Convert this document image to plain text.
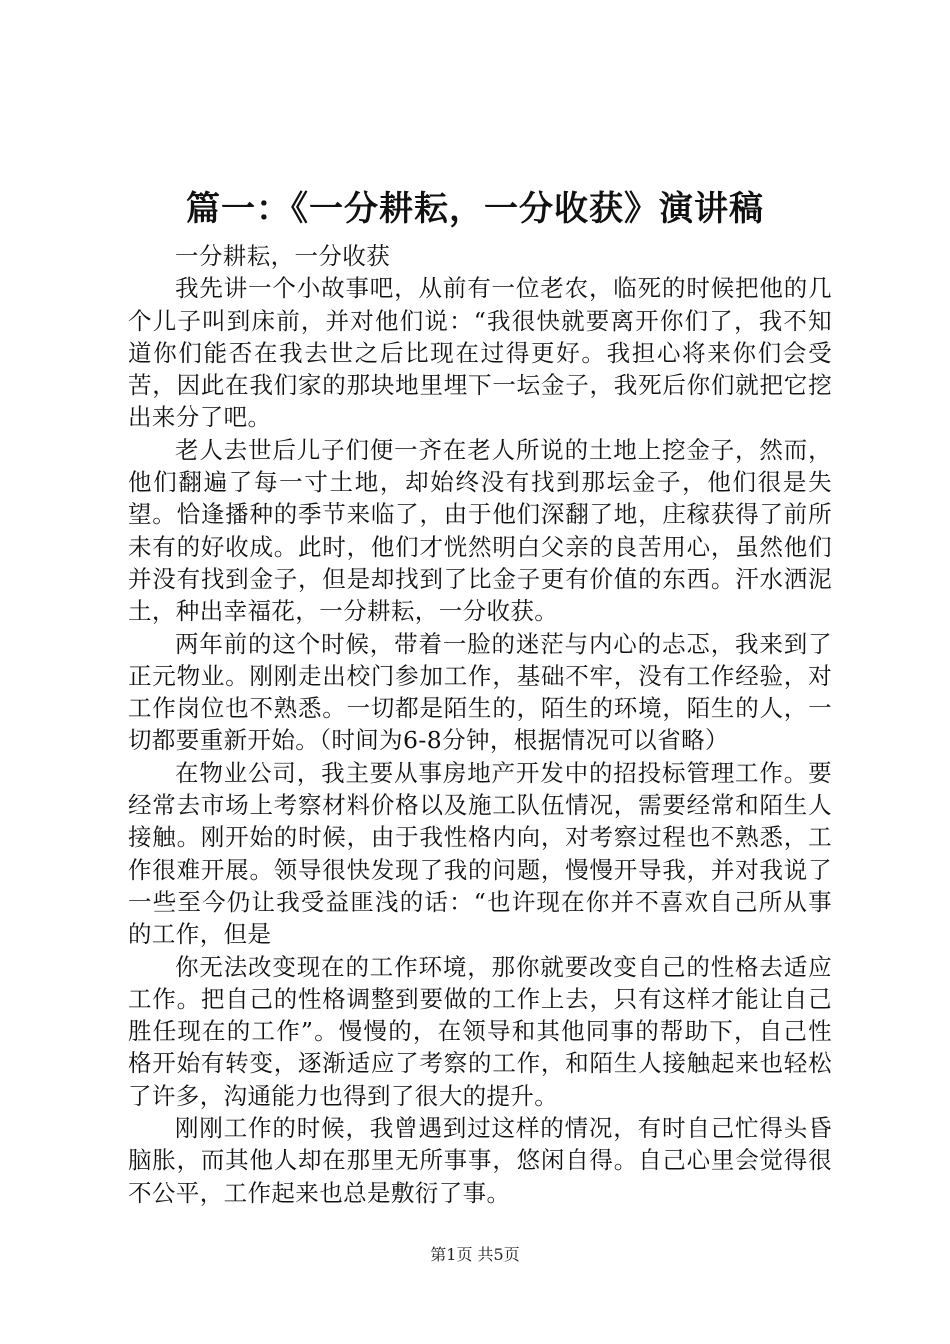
篇一：《一分耕耘，一分收获》演讲稿

一分耕耘，一分收获

我先讲一个小故事吧，从前有一位老农，临死的时候把他的几个儿子叫到床前，并对他们说：“我很快就要离开你们了，我不知道你们能否在我去世之后比现在过得更好。我担心将来你们会受苦，因此在我们家的那块地里埋下一坛金子，我死后你们就把它挖出来分了吧。

老人去世后儿子们便一齐在老人所说的土地上挖金子，然而，他们翻遍了每一寸土地，却始终没有找到那坛金子，他们很是失望。恰逢播种的季节来临了，由于他们深翻了地，庄稼获得了前所未有的好收成。此时，他们才恍然明白父亲的良苦用心，虽然他们并没有找到金子，但是却找到了比金子更有价值的东西。汗水洒泥土，种出幸福花，一分耕耘，一分收获。

两年前的这个时候，带着一脸的迷茫与内心的忐忑，我来到了正元物业。刚刚走出校门参加工作，基础不牢，没有工作经验，对工作岗位也不熟悉。一切都是陌生的，陌生的环境，陌生的人，一切都要重新开始。（时间为6-8分钟，根据情况可以省略）

在物业公司，我主要从事房地产开发中的招投标管理工作。要经常去市场上考察材料价格以及施工队伍情况，需要经常和陌生人接触。刚开始的时候，由于我性格内向，对考察过程也不熟悉，工作很难开展。领导很快发现了我的问题，慢慢开导我，并对我说了一些至今仍让我受益匪浅的话：“也许现在你并不喜欢自己所从事的工作，但是

你无法改变现在的工作环境，那你就要改变自己的性格去适应工作。把自己的性格调整到要做的工作上去，只有这样才能让自己胜任现在的工作”。慢慢的，在领导和其他同事的帮助下，自己性格开始有转变，逐渐适应了考察的工作，和陌生人接触起来也轻松了许多，沟通能力也得到了很大的提升。

刚刚工作的时候，我曾遇到过这样的情况，有时自己忙得头昏脑胀，而其他人却在那里无所事事，悠闲自得。自己心里会觉得很不公平，工作起来也总是敷衍了事。

第1页 共5页
